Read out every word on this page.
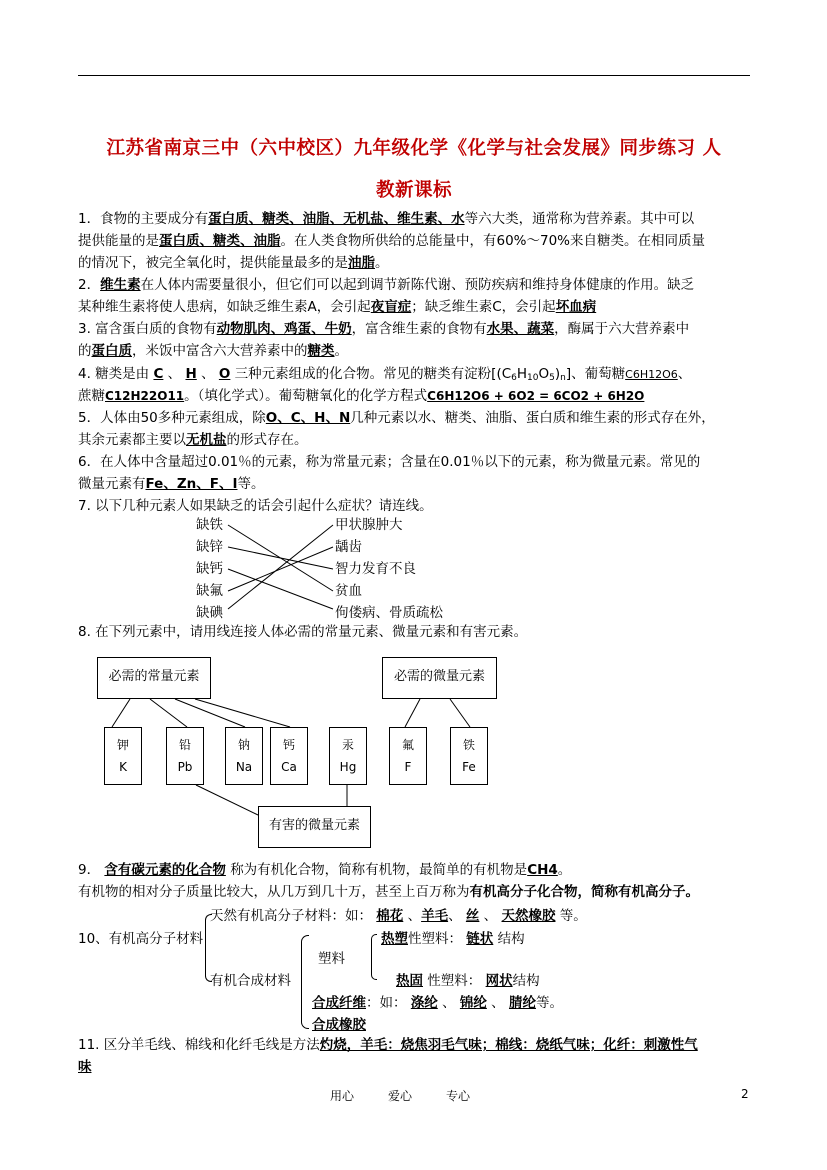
江苏省南京三中（六中校区）九年级化学《化学与社会发展》同步练习 人
教新课标
1．食物的主要成分有蛋白质、糖类、油脂、无机盐、维生素、水等六大类，通常称为营养素。其中可以
提供能量的是蛋白质、糖类、油脂。在人类食物所供给的总能量中，有60%～70%来自糖类。在相同质量
的情况下，被完全氧化时，提供能量最多的是油脂。
2．维生素在人体内需要量很小，但它们可以起到调节新陈代谢、预防疾病和维持身体健康的作用。缺乏
某种维生素将使人患病，如缺乏维生素A，会引起夜盲症；缺乏维生素C，会引起坏血病
3. 富含蛋白质的食物有动物肌肉、鸡蛋、牛奶，富含维生素的食物有水果、蔬菜，酶属于六大营养素中
的蛋白质，米饭中富含六大营养素中的糖类。
4. 糖类是由 C 、 H 、 O 三种元素组成的化合物。常见的糖类有淀粉$[(C_6H_{10}O_5)_n]$、葡萄糖C6H12O6、
蔗糖C12H22O11。（填化学式）。葡萄糖氧化的化学方程式C6H12O6 + 6O2 = 6CO2 + 6H2O
5．人体由50多种元素组成，除O、C、H、N几种元素以水、糖类、油脂、蛋白质和维生素的形式存在外，
其余元素都主要以无机盐的形式存在。
6．在人体中含量超过0.01％的元素，称为常量元素；含量在0.01％以下的元素，称为微量元素。常见的
微量元素有Fe、Zn、F、I等。
7. 以下几种元素人如果缺乏的话会引起什么症状？请连线。
缺铁
缺锌
缺钙
缺氟
缺碘
甲状腺肿大
龋齿
智力发育不良
贫血
佝偻病、骨质疏松
8. 在下列元素中，请用线连接人体必需的常量元素、微量元素和有害元素。
必需的常量元素	必需的微量元素
有害的微量元素
钾
K
铅
Pb
钠
Na
钙
Ca
汞
Hg
氟
F
铁
Fe
9． 含有碳元素的化合物 称为有机化合物，简称有机物，最简单的有机物是CH4。
有机物的相对分子质量比较大，从几万到几十万，甚至上百万称为有机高分子化合物，简称有机高分子。
10、有机高分子材料
天然有机高分子材料：如： 棉花 、羊毛、 丝 、 天然橡胶 等。
有机合成材料
塑料
热塑性塑料： 链状 结构
热固 性塑料： 网状结构
合成纤维：如： 涤纶 、 锦纶 、 腈纶等。
合成橡胶
11. 区分羊毛线、棉线和化纤毛线是方法灼烧，羊毛：烧焦羽毛气味；棉线：烧纸气味；化纤：刺激性气
味
用心	爱心	专心	2
